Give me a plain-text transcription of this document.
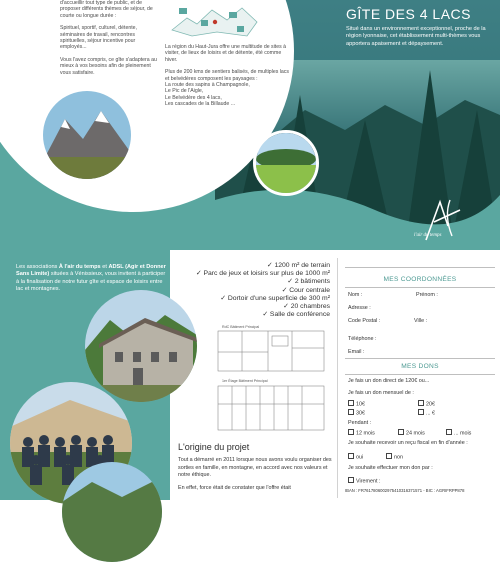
d'accueillir tout type de public, et de proposer différents thèmes de séjour, de courte ou longue durée :

Spirituel, sportif, culturel, détente, séminaires de travail, rencontres spirituelles, séjour incentive pour employés...

Vous l'avez compris, ce gîte s'adaptera au mieux à vos besoins afin de pleinement vous satisfaire.

La région du Haut-Jura offre une multitude de sites à visiter, de lieux de loisirs et de détente, été comme hiver.

Plus de 200 kms de sentiers balisés, de multiples lacs et belvédères composent les paysages :

La route des sapins à Champagnole,
Le Pic de l'Aigle,
Le Belvédère des 4 lacs,
Les cascades de la Billaude ...
GÎTE DES 4 LACS
Situé dans un environnement exceptionnel, proche de la région lyonnaise, cet établissement multi-thèmes vous apportera apaisement et dépaysement.
l'air du temps
Les associations À l'air du temps et ADSL (Agir et Donner Sans Limite) situées à Vénissieux, vous invitent à participer à la finalisation de notre futur gîte et espace de loisirs entre lac et montagnes.
✓ 1200 m² de terrain
✓ Parc de jeux et loisirs sur plus de 1000 m²
✓ 2 bâtiments
✓ Cour centrale
✓ Dortoir d'une superficie de 300 m²
✓ 20 chambres
✓ Salle de conférence
RdC Bâtiment Principal
1er Étage Bâtiment Principal
L'origine du projet

Tout a démarré en 2011 lorsque nous avons voulu organiser des sorties en famille, en montagne, en accord avec nos valeurs et notre éthique.

En effet, force était de constater que l'offre était

MES COORDONNÉES
Nom :	Prénom :
Adresse :
Code Postal :	Ville :
Téléphone :
Email :
MES DONS
Je fais un don direct de 120€ ou...
Je fais un don mensuel de :
10€	20€
30€	... €
Pendant :
12 mois	24 mois	... mois
Je souhaite recevoir un reçu fiscal en fin d'année :
oui	non
Je souhaite effectuer mon don par :
Virement :
IBAN : FR7617806002975410316371571 - BIC : AGRIFRPP878
